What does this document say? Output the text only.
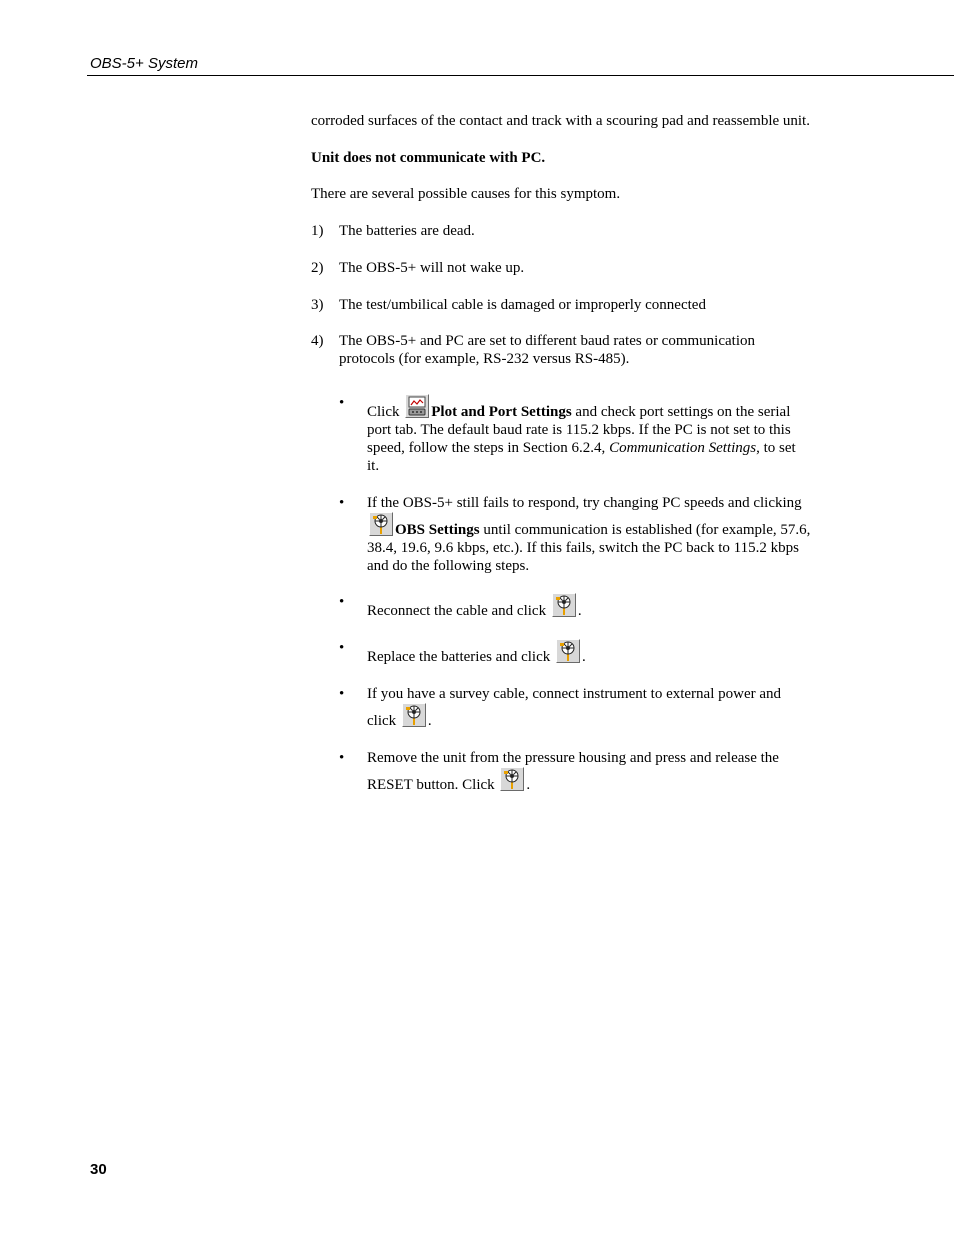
OBS-5+ System

corroded surfaces of the contact and track with a scouring pad and reassemble unit.

Unit does not communicate with PC.

There are several possible causes for this symptom.

1) The batteries are dead.
2) The OBS-5+ will not wake up.
3) The test/umbilical cable is damaged or improperly connected
4) The OBS-5+ and PC are set to different baud rates or communication protocols (for example, RS-232 versus RS-485).
•
Click
Plot and Port Settings and check port settings on the serial port tab. The default baud rate is 115.2 kbps. If the PC is not set to this speed, follow the steps in Section 6.2.4, Communication Settings, to set it.
• If the OBS-5+ still fails to respond, try changing PC speeds and clicking
OBS Settings until communication is established (for example, 57.6, 38.4, 19.6, 9.6 kbps, etc.). If this fails, switch the PC back to 115.2 kbps and do the following steps.
•
Reconnect the cable and click
.
•
Replace the batteries and click
.
• If you have a survey cable, connect instrument to external power and click
.
• Remove the unit from the pressure housing and press and release the RESET button. Click
.
30
